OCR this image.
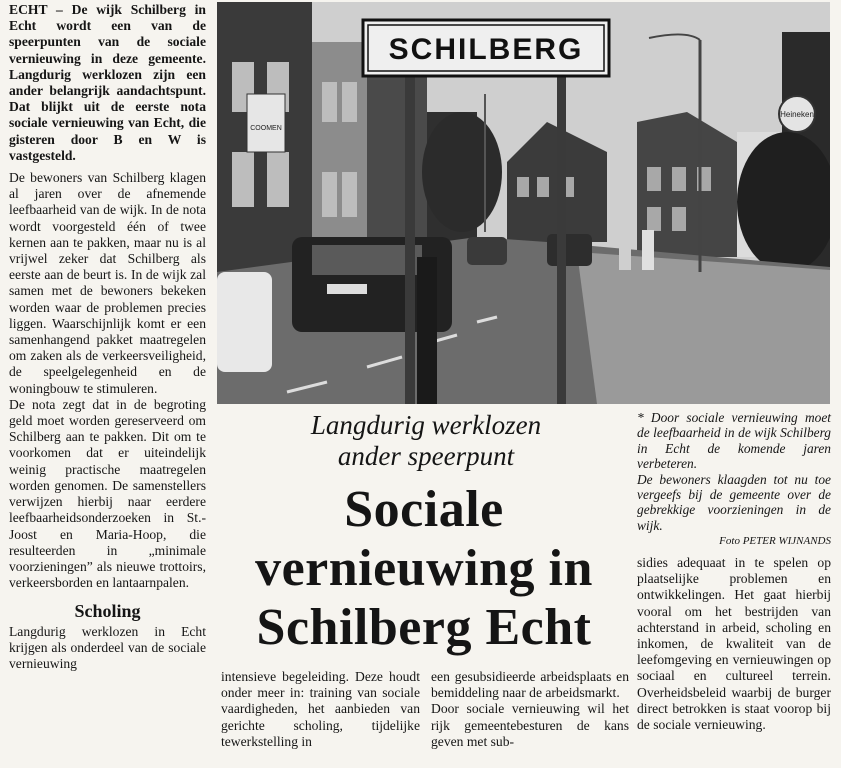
ECHT – De wijk Schilberg in Echt wordt een van de speerpunten van de sociale vernieuwing in deze gemeente. Langdurig werklozen zijn een ander belangrijk aandachtspunt. Dat blijkt uit de eerste nota sociale vernieuwing van Echt, die gisteren door B en W is vastgesteld.

De bewoners van Schilberg klagen al jaren over de afnemende leefbaarheid van de wijk. In de nota wordt voorgesteld één of twee kernen aan te pakken, maar nu is al vrijwel zeker dat Schilberg als eerste aan de beurt is. In de wijk zal samen met de bewoners bekeken worden waar de problemen precies liggen. Waarschijnlijk komt er een samenhangend pakket maatregelen om zaken als de verkeersveiligheid, de speelgelegenheid en de woningbouw te stimuleren.

De nota zegt dat in de begroting geld moet worden gereserveerd om Schilberg aan te pakken. Dit om te voorkomen dat er uiteindelijk weinig practische maatregelen worden genomen. De samenstellers verwijzen hierbij naar eerdere leefbaarheidsonderzoeken in St.-Joost en Maria-Hoop, die resulteerden in „minimale voorzieningen” als nieuwe trottoirs, verkeersborden en lantaarnpalen.

Scholing

Langdurig werklozen in Echt krijgen als onderdeel van de sociale vernieuwing

COOMEN
Heineken
SCHILBERG

* Door sociale vernieuwing moet de leefbaarheid in de wijk Schilberg in Echt de komende jaren verbeteren.

De bewoners klaagden tot nu toe vergeefs bij de gemeente over de gebrekkige voorzieningen in de wijk.

Foto PETER WIJNANDS
Langdurig werklozen
ander speerpunt
Sociale
vernieuwing in
Schilberg Echt

intensieve begeleiding. Deze houdt onder meer in: training van sociale vaardigheden, het aanbieden van gerichte scholing, tijdelijke tewerkstelling in

een gesubsidieerde arbeidsplaats en bemiddeling naar de arbeidsmarkt.

Door sociale vernieuwing wil het rijk gemeentebesturen de kans geven met sub-

sidies adequaat in te spelen op plaatselijke problemen en ontwikkelingen. Het gaat hierbij vooral om het bestrijden van achterstand in arbeid, scholing en inkomen, de kwaliteit van de leefomgeving en vernieuwingen op sociaal en cultureel terrein. Overheidsbeleid waarbij de burger direct betrokken is staat voorop bij de sociale vernieuwing.
